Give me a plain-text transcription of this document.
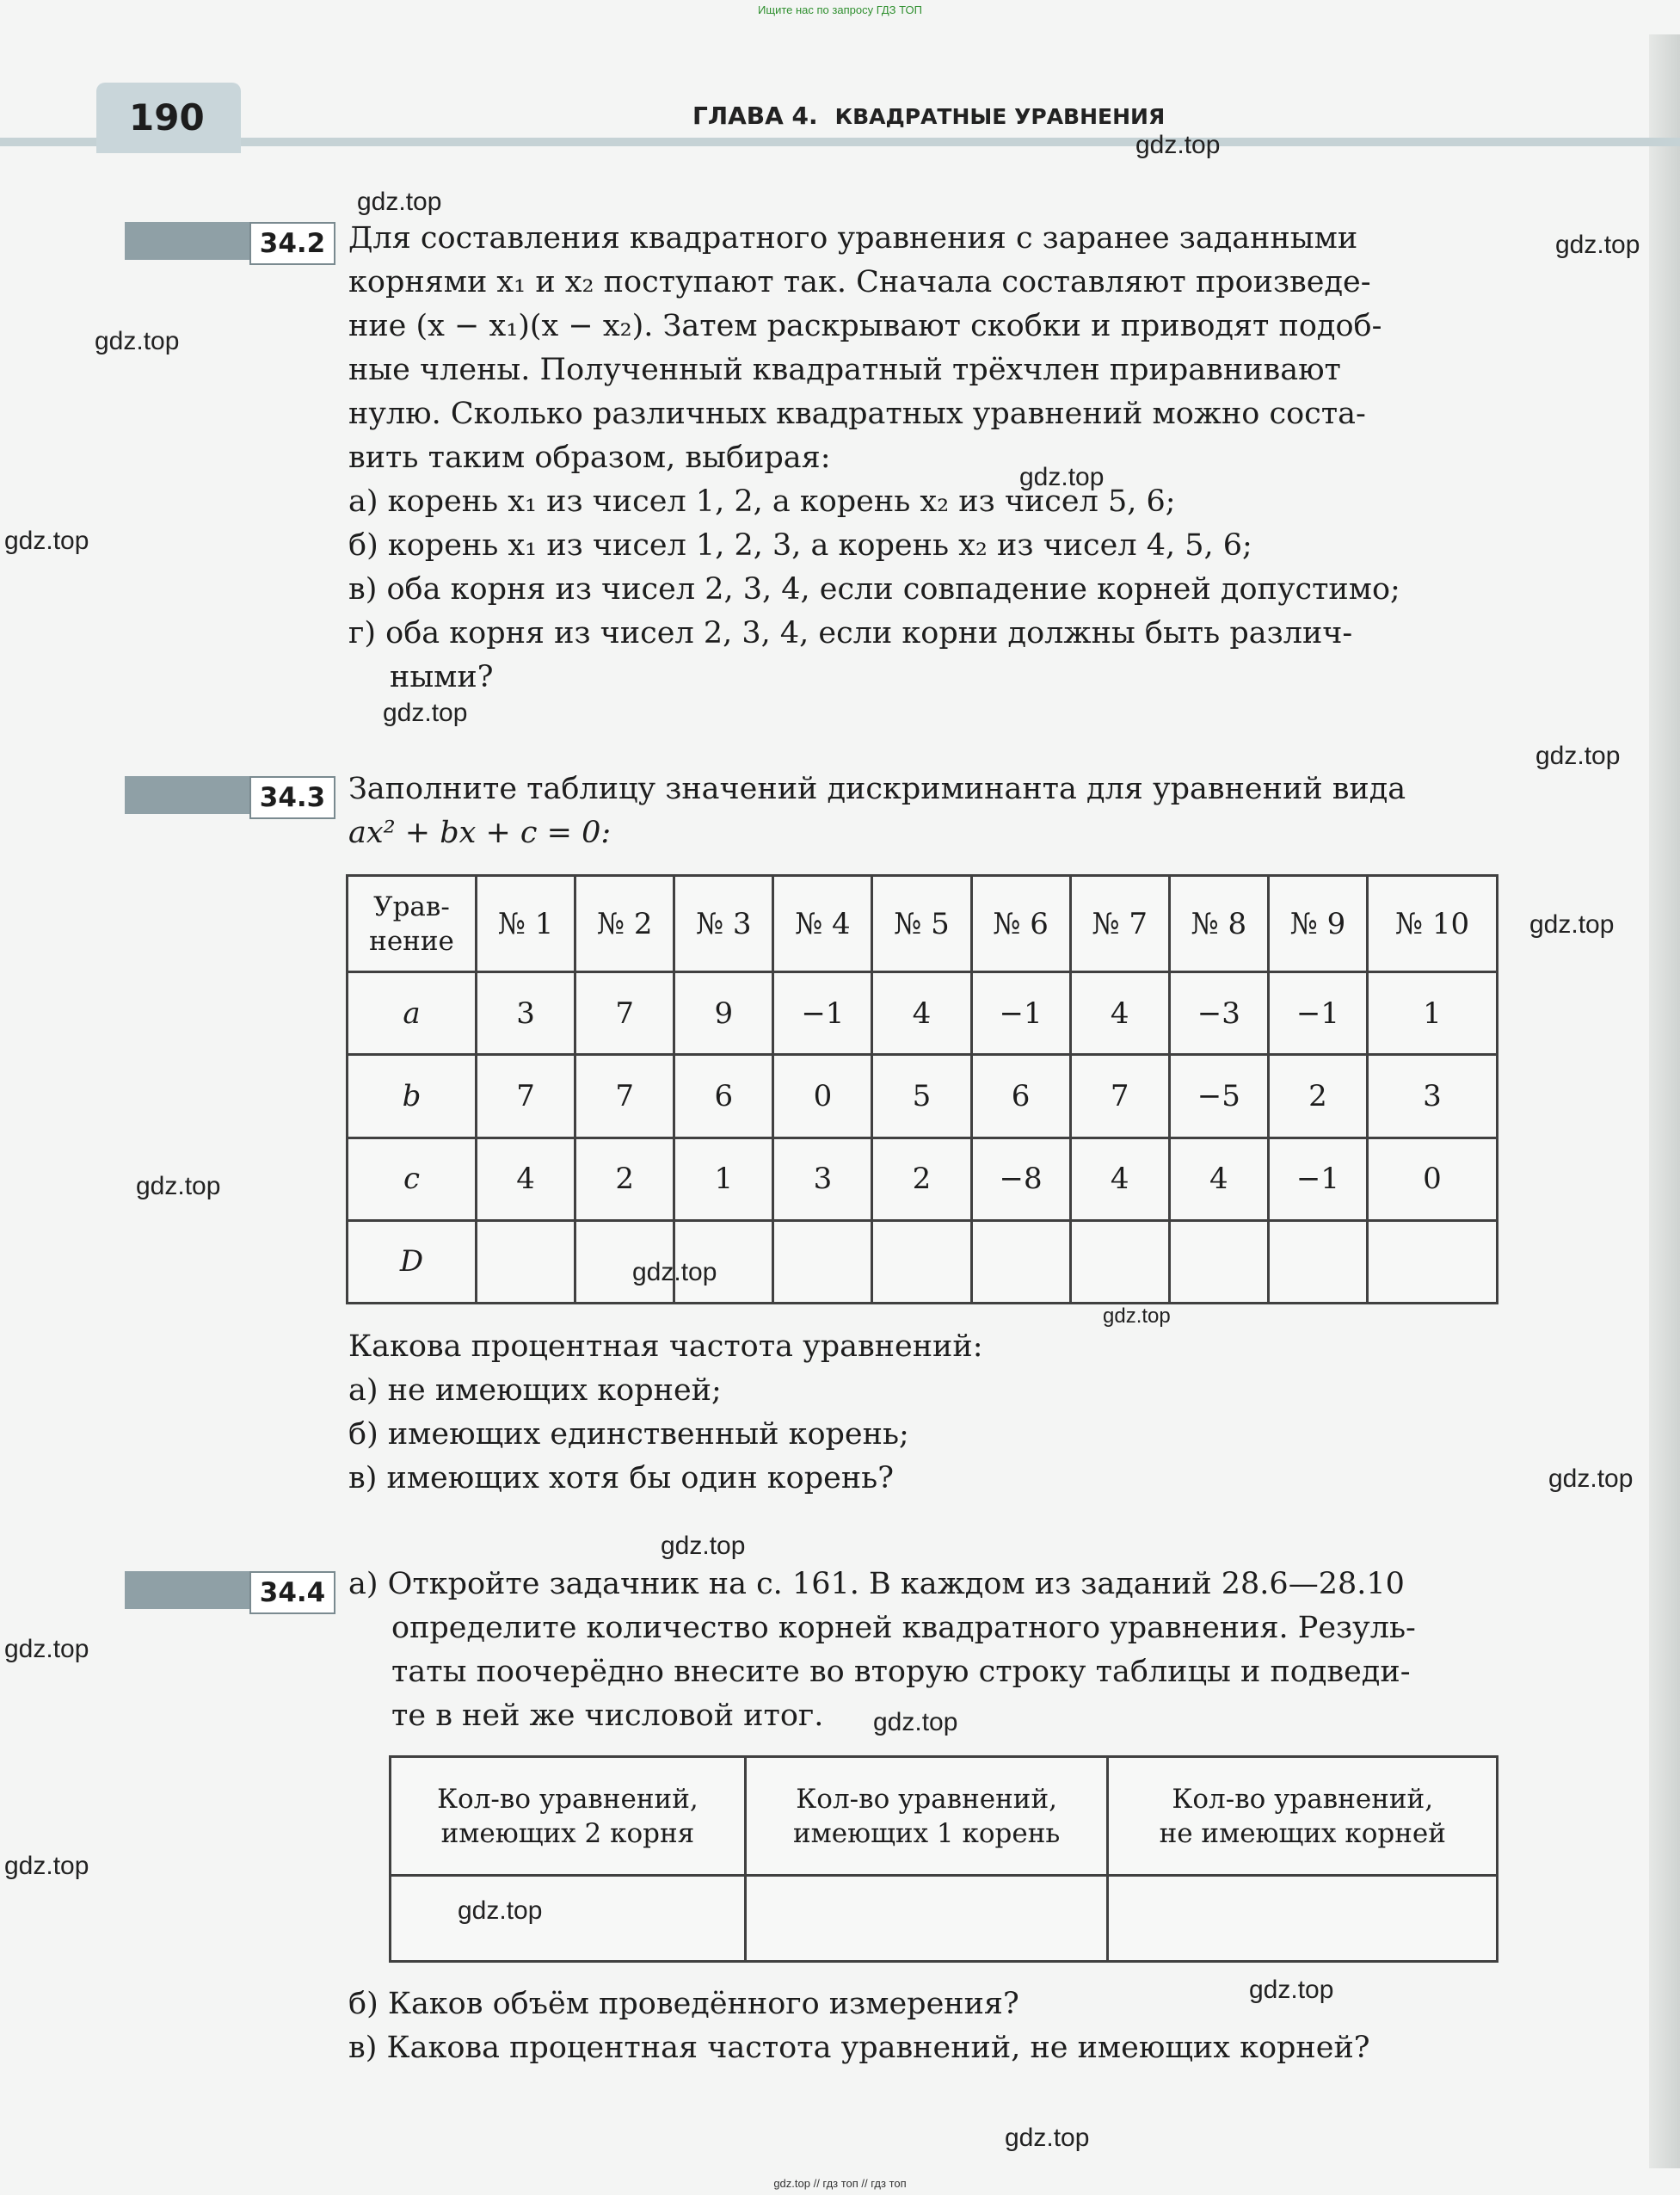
Ищите нас по запросу ГДЗ ТОП
190	ГЛАВА 4. КВАДРАТНЫЕ УРАВНЕНИЯ
34.2 Для составления квадратного уравнения с заранее заданными
корнями x₁ и x₂ поступают так. Сначала составляют произведе-
ние (x − x₁)(x − x₂). Затем раскрывают скобки и приводят подоб-
ные члены. Полученный квадратный трёхчлен приравнивают
нулю. Сколько различных квадратных уравнений можно соста-
вить таким образом, выбирая:
а) корень x₁ из чисел 1, 2, а корень x₂ из чисел 5, 6;
б) корень x₁ из чисел 1, 2, 3, а корень x₂ из чисел 4, 5, 6;
в) оба корня из чисел 2, 3, 4, если совпадение корней допустимо;
г) оба корня из чисел 2, 3, 4, если корни должны быть различ-
ными?
34.3 Заполните таблицу значений дискриминанта для уравнений вида
ax² + bx + c = 0:
Урав-
нение	№ 1	№ 2	№ 3	№ 4	№ 5	№ 6	№ 7	№ 8	№ 9	№ 10
a	3	7	9	−1	4	−1	4	−3	−1	1
b	7	7	6	0	5	6	7	−5	2	3
c	4	2	1	3	2	−8	4	4	−1	0
D										
Какова процентная частота уравнений:
а) не имеющих корней;
б) имеющих единственный корень;
в) имеющих хотя бы один корень?
34.4 а) Откройте задачник на с. 161. В каждом из заданий 28.6—28.10
определите количество корней квадратного уравнения. Резуль-
таты поочерёдно внесите во вторую строку таблицы и подведи-
те в ней же числовой итог.
Кол-во уравнений,
имеющих 2 корня	Кол-во уравнений,
имеющих 1 корень	Кол-во уравнений,
не имеющих корней

б) Каков объём проведённого измерения?
в) Какова процентная частота уравнений, не имеющих корней?
gdz.top
gdz.top
gdz.top
gdz.top
gdz.top
gdz.top
gdz.top
gdz.top
gdz.top
gdz.top
gdz.top
gdz.top
gdz.top
gdz.top
gdz.top
gdz.top
gdz.top
gdz.top
gdz.top
gdz.top
gdz.top // гдз топ // гдз топ
